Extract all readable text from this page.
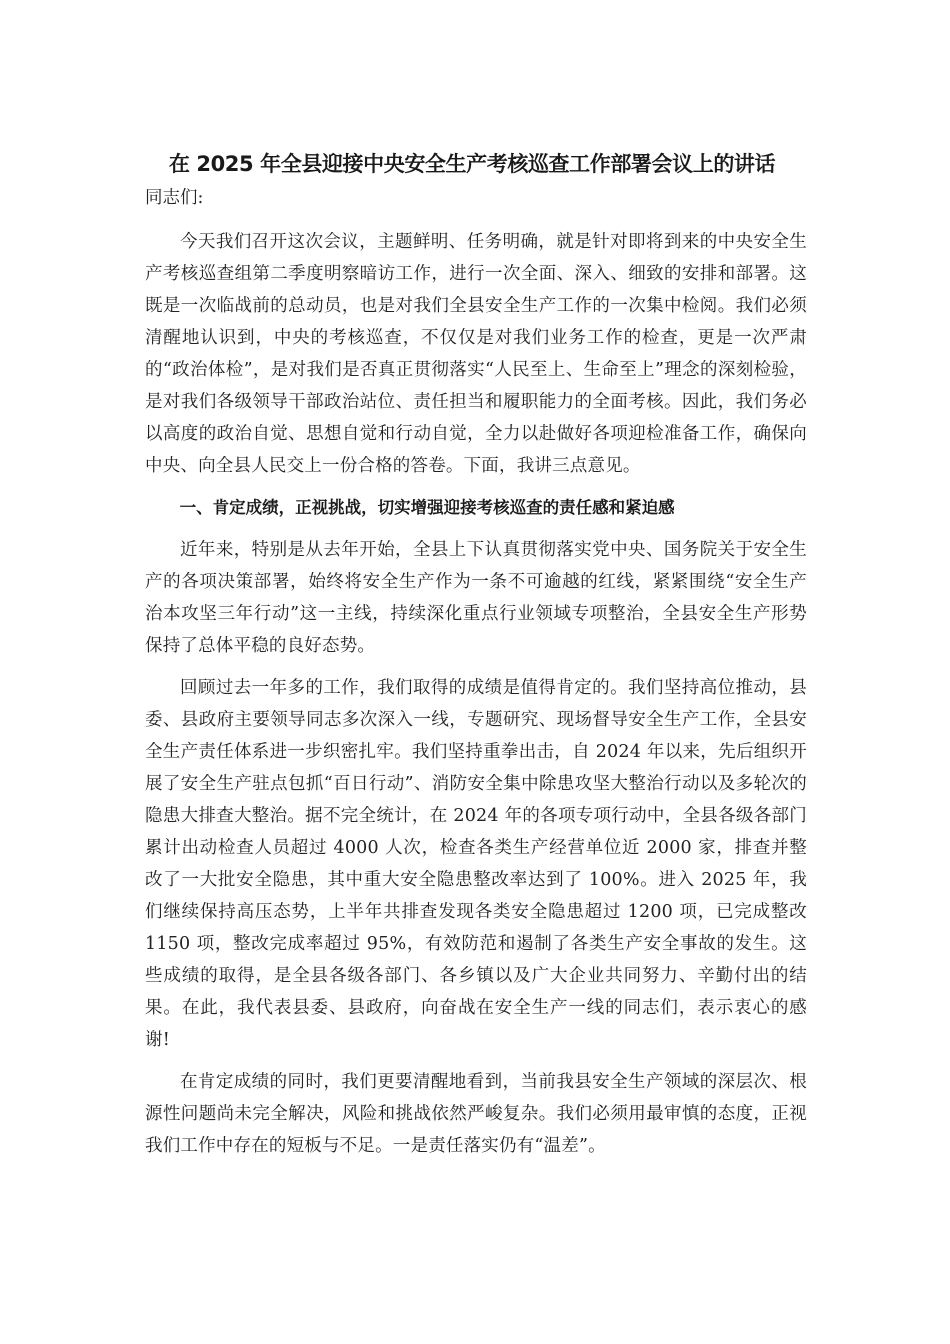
在 2025 年全县迎接中央安全生产考核巡查工作部署会议上的讲话
同志们:

今天我们召开这次会议，主题鲜明、任务明确，就是针对即将到来的中央安全生产考核巡查组第二季度明察暗访工作，进行一次全面、深入、细致的安排和部署。这既是一次临战前的总动员，也是对我们全县安全生产工作的一次集中检阅。我们必须清醒地认识到，中央的考核巡查，不仅仅是对我们业务工作的检查，更是一次严肃的“政治体检”，是对我们是否真正贯彻落实“人民至上、生命至上”理念的深刻检验，是对我们各级领导干部政治站位、责任担当和履职能力的全面考核。因此，我们务必以高度的政治自觉、思想自觉和行动自觉，全力以赴做好各项迎检准备工作，确保向中央、向全县人民交上一份合格的答卷。下面，我讲三点意见。

一、肯定成绩，正视挑战，切实增强迎接考核巡查的责任感和紧迫感

近年来，特别是从去年开始，全县上下认真贯彻落实党中央、国务院关于安全生产的各项决策部署，始终将安全生产作为一条不可逾越的红线，紧紧围绕“安全生产治本攻坚三年行动”这一主线，持续深化重点行业领域专项整治，全县安全生产形势保持了总体平稳的良好态势。

回顾过去一年多的工作，我们取得的成绩是值得肯定的。我们坚持高位推动，县委、县政府主要领导同志多次深入一线，专题研究、现场督导安全生产工作，全县安全生产责任体系进一步织密扎牢。我们坚持重拳出击，自 2024 年以来，先后组织开展了安全生产驻点包抓“百日行动”、消防安全集中除患攻坚大整治行动以及多轮次的隐患大排查大整治。据不完全统计，在 2024 年的各项专项行动中，全县各级各部门累计出动检查人员超过 4000 人次，检查各类生产经营单位近 2000 家，排查并整改了一大批安全隐患，其中重大安全隐患整改率达到了 100%。进入 2025 年，我们继续保持高压态势，上半年共排查发现各类安全隐患超过 1200 项，已完成整改 1150 项，整改完成率超过 95%，有效防范和遏制了各类生产安全事故的发生。这些成绩的取得，是全县各级各部门、各乡镇以及广大企业共同努力、辛勤付出的结果。在此，我代表县委、县政府，向奋战在安全生产一线的同志们，表示衷心的感谢!

在肯定成绩的同时，我们更要清醒地看到，当前我县安全生产领域的深层次、根源性问题尚未完全解决，风险和挑战依然严峻复杂。我们必须用最审慎的态度，正视我们工作中存在的短板与不足。一是责任落实仍有“温差”。
